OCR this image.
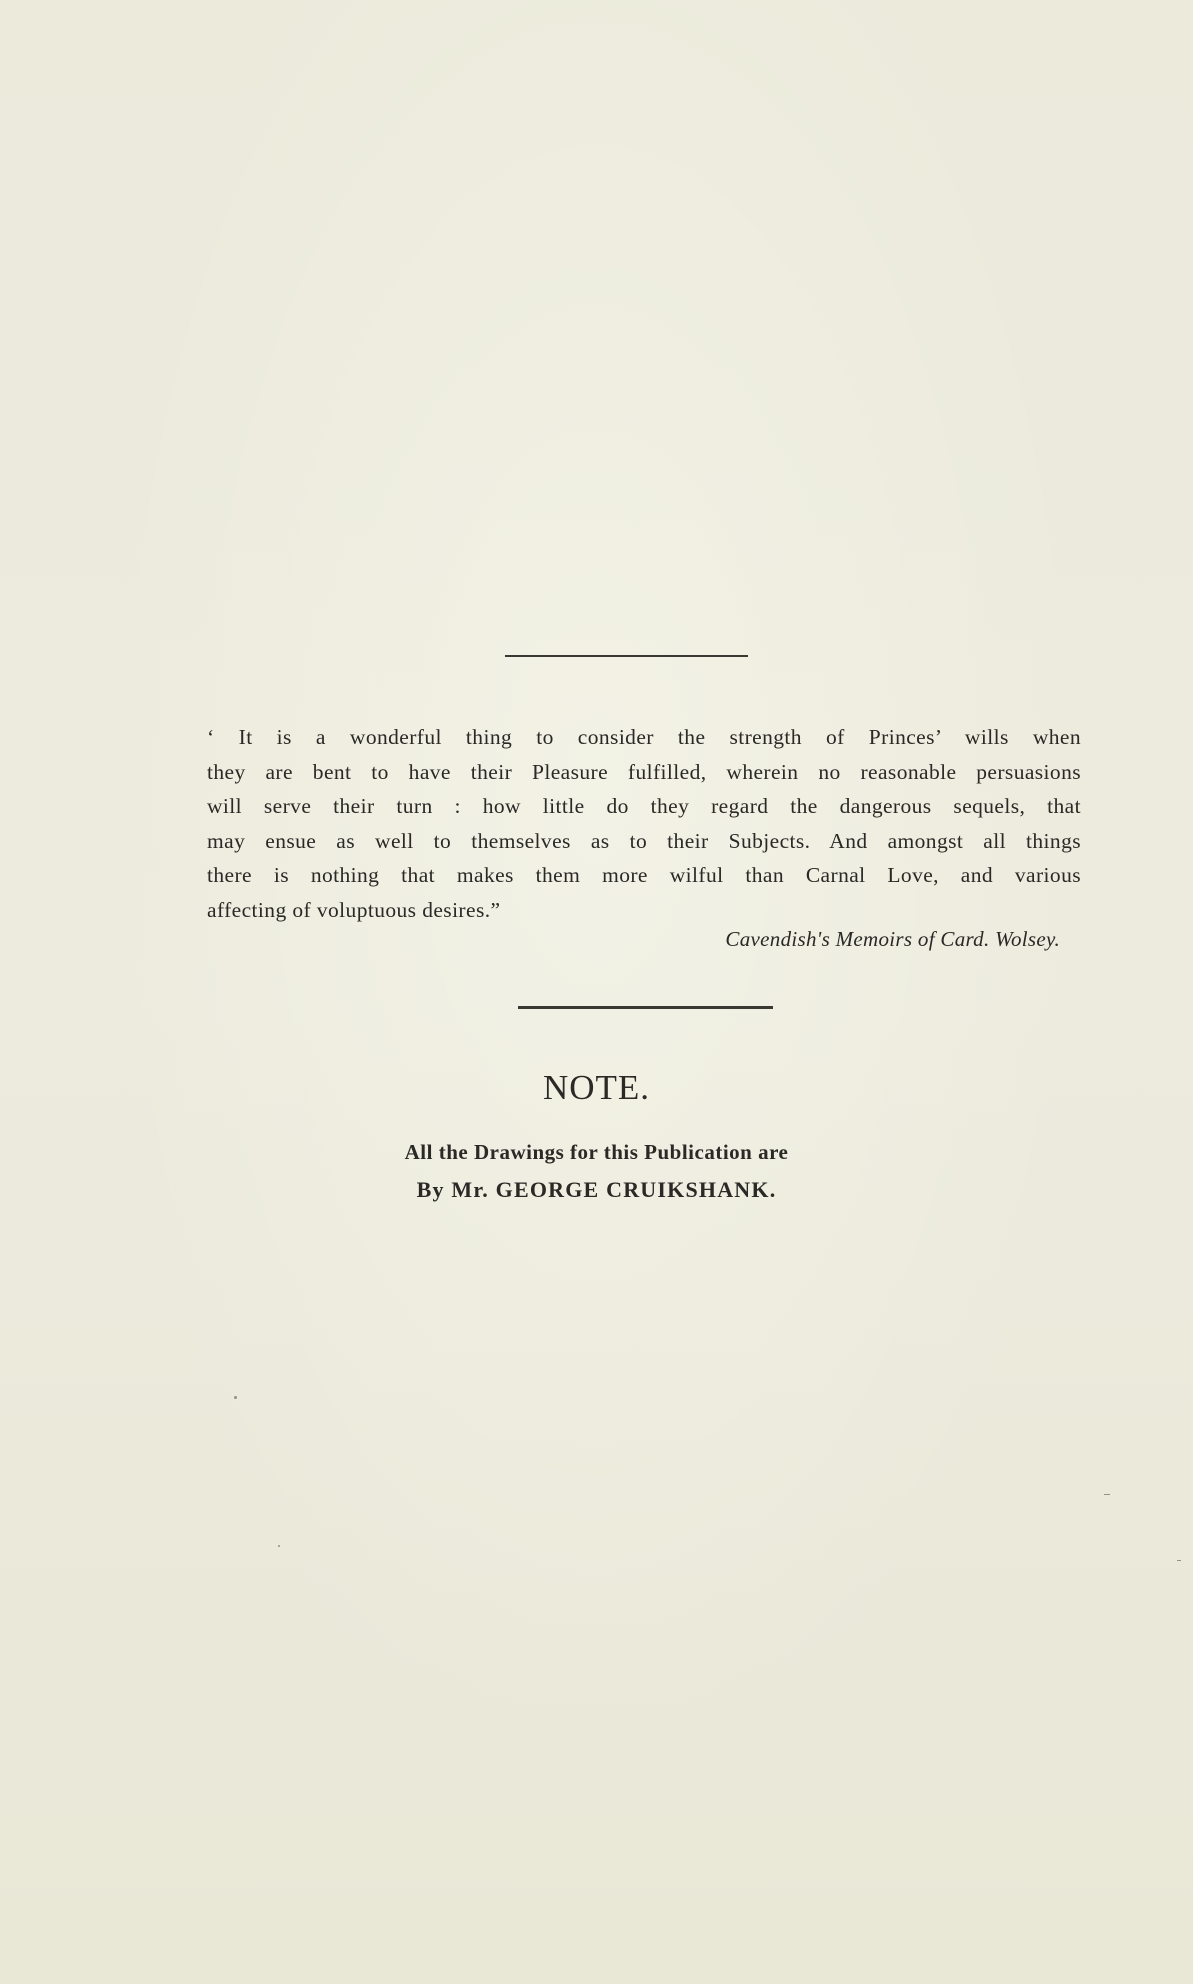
‘ It is a wonderful thing to consider the strength of Princes’ wills when
they are bent to have their Pleasure fulfilled, wherein no reasonable persuasions
will serve their turn : how little do they regard the dangerous sequels, that
may ensue as well to themselves as to their Subjects. And amongst all things
there is nothing that makes them more wilful than Carnal Love, and various
affecting of voluptuous desires.”
Cavendish's Memoirs of Card. Wolsey.
NOTE.
All the Drawings for this Publication are
By Mr. GEORGE CRUIKSHANK.
